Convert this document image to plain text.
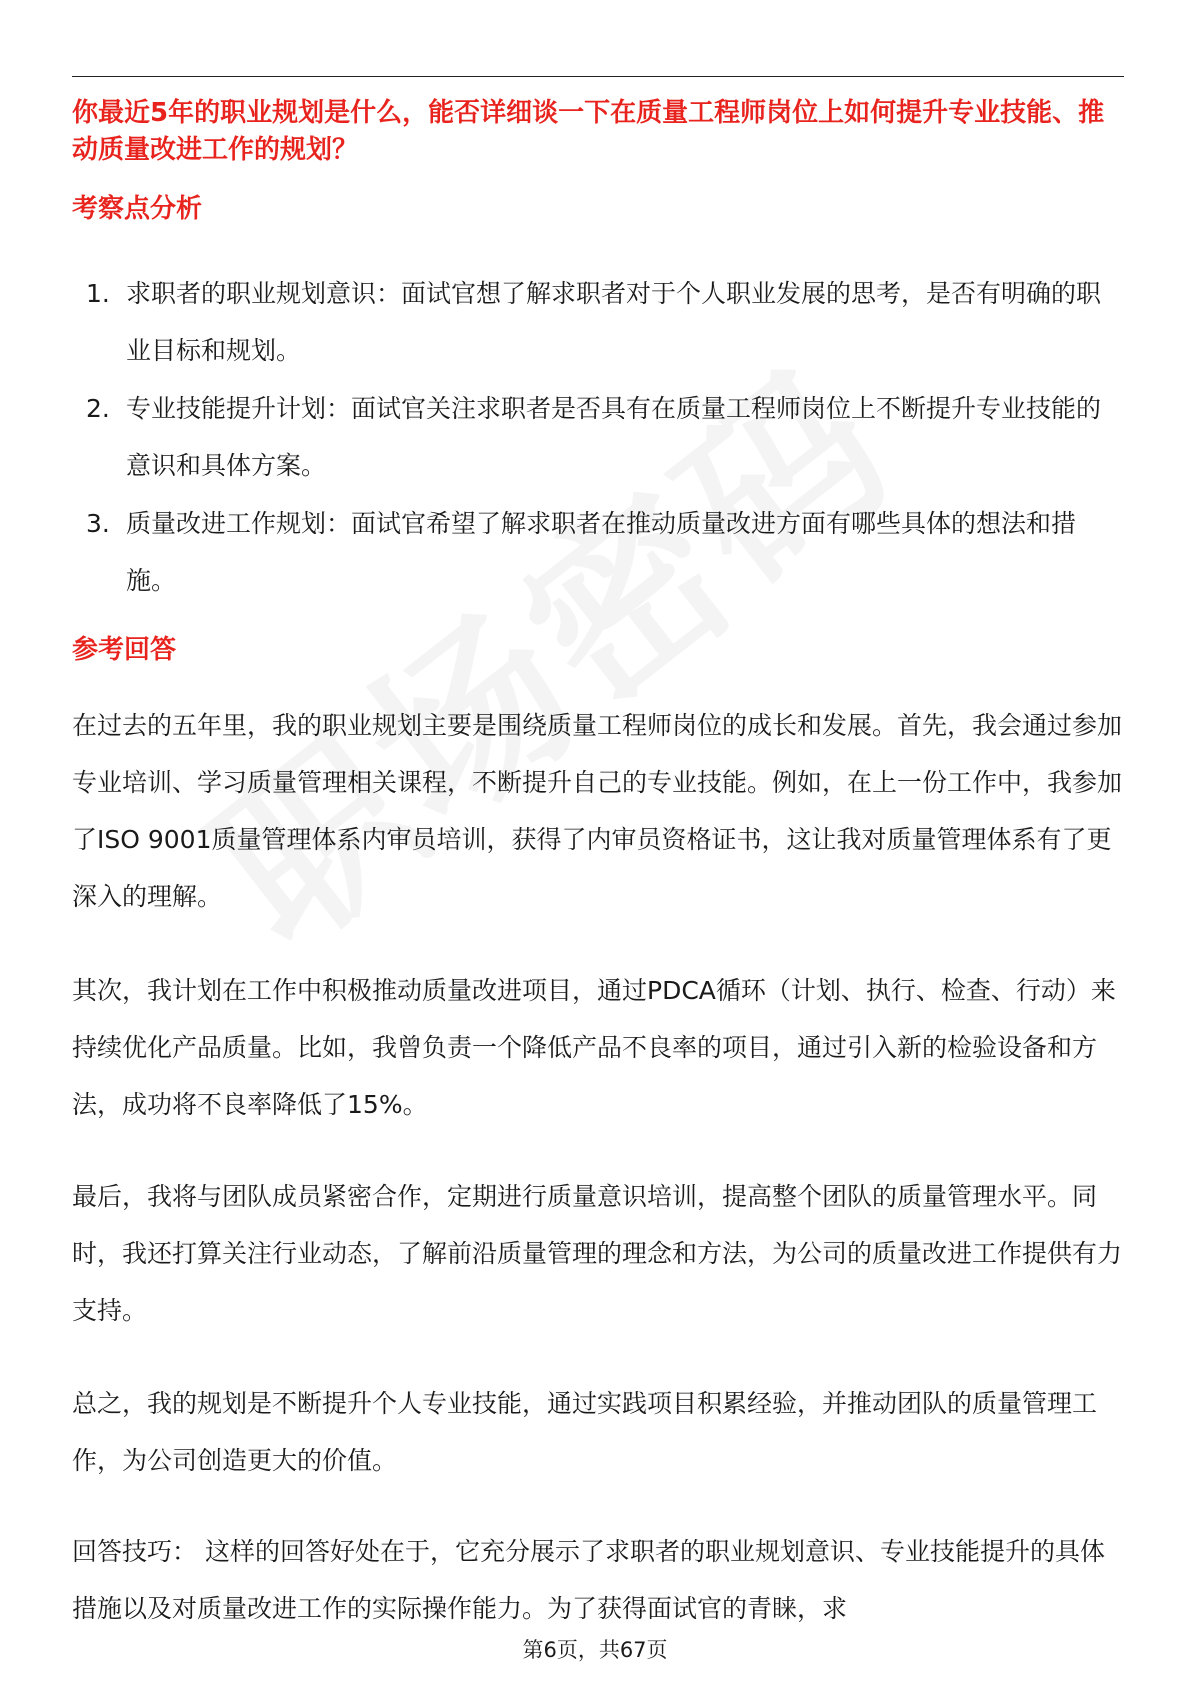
你最近5年的职业规划是什么，能否详细谈一下在质量工程师岗位上如何提升专业技能、推动质量改进工作的规划？

考察点分析

1. 求职者的职业规划意识：面试官想了解求职者对于个人职业发展的思考，是否有明确的职业目标和规划。
2. 专业技能提升计划：面试官关注求职者是否具有在质量工程师岗位上不断提升专业技能的意识和具体方案。
3. 质量改进工作规划：面试官希望了解求职者在推动质量改进方面有哪些具体的想法和措施。

参考回答

在过去的五年里，我的职业规划主要是围绕质量工程师岗位的成长和发展。首先，我会通过参加专业培训、学习质量管理相关课程，不断提升自己的专业技能。例如，在上一份工作中，我参加了ISO 9001质量管理体系内审员培训，获得了内审员资格证书，这让我对质量管理体系有了更深入的理解。

其次，我计划在工作中积极推动质量改进项目，通过PDCA循环（计划、执行、检查、行动）来持续优化产品质量。比如，我曾负责一个降低产品不良率的项目，通过引入新的检验设备和方法，成功将不良率降低了15%。

最后，我将与团队成员紧密合作，定期进行质量意识培训，提高整个团队的质量管理水平。同时，我还打算关注行业动态，了解前沿质量管理的理念和方法，为公司的质量改进工作提供有力支持。

总之，我的规划是不断提升个人专业技能，通过实践项目积累经验，并推动团队的质量管理工作，为公司创造更大的价值。

回答技巧： 这样的回答好处在于，它充分展示了求职者的职业规划意识、专业技能提升的具体措施以及对质量改进工作的实际操作能力。为了获得面试官的青睐，求

第6页，共67页
